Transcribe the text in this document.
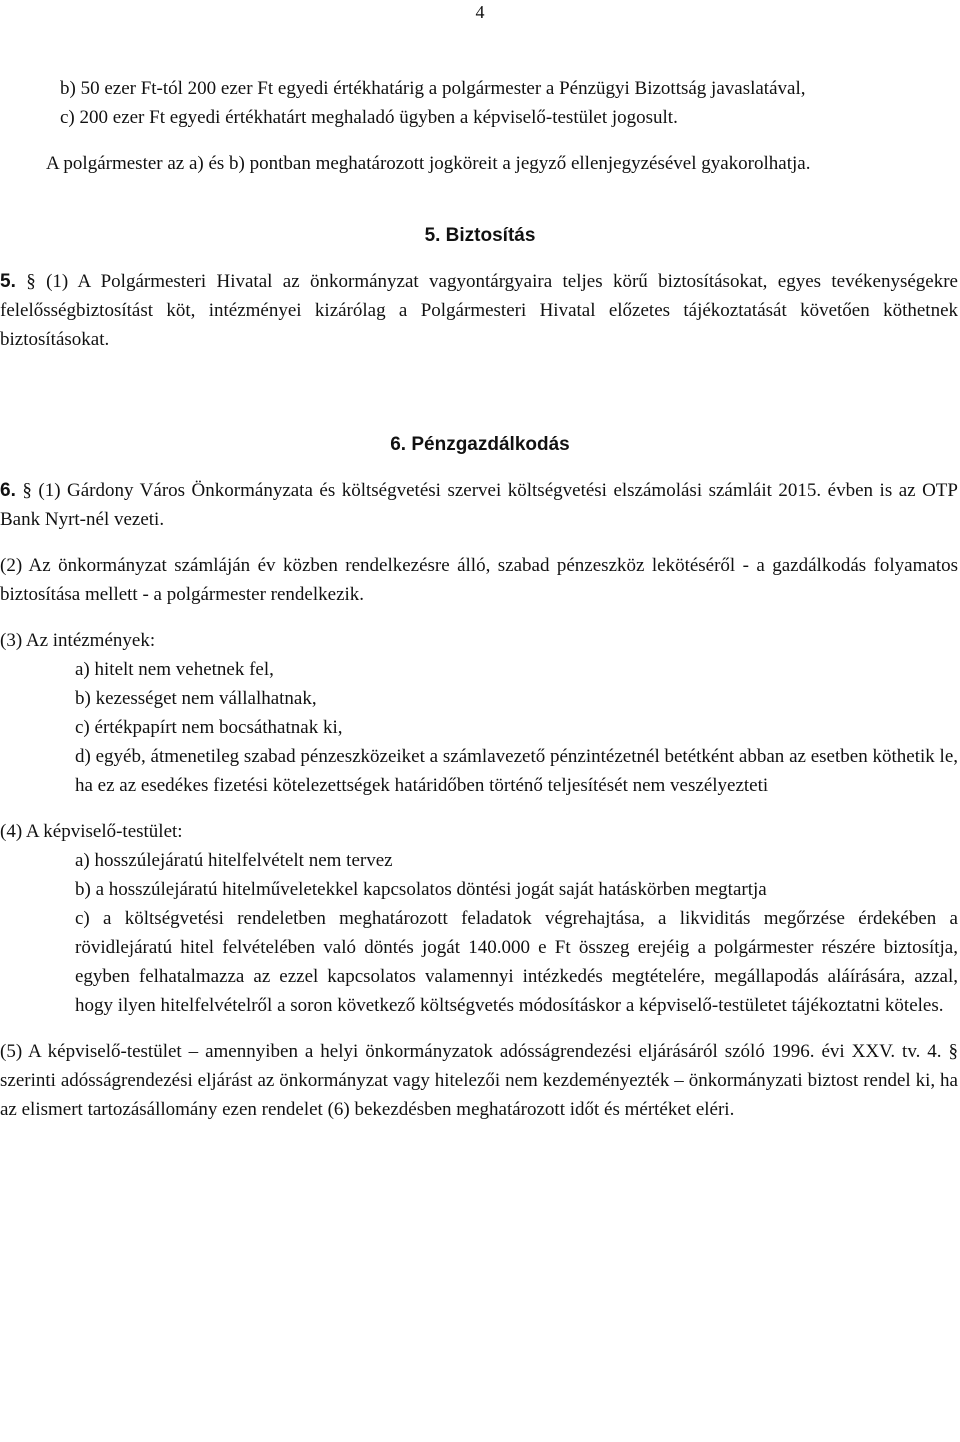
4

b) 50 ezer Ft-tól 200 ezer Ft egyedi értékhatárig a polgármester a Pénzügyi Bizottság javaslatával,

c) 200 ezer Ft egyedi értékhatárt meghaladó ügyben a képviselő-testület jogosult.

A polgármester az a) és b) pontban meghatározott jogköreit a jegyző ellenjegyzésével gyakorolhatja.

5. Biztosítás

5. § (1) A Polgármesteri Hivatal az önkormányzat vagyontárgyaira teljes körű biztosításokat, egyes tevékenységekre felelősségbiztosítást köt, intézményei kizárólag a Polgármesteri Hivatal előzetes tájékoztatását követően köthetnek biztosításokat.

6. Pénzgazdálkodás

6. § (1) Gárdony Város Önkormányzata és költségvetési szervei költségvetési elszámolási számláit 2015. évben is az OTP Bank Nyrt-nél vezeti.

(2) Az önkormányzat számláján év közben rendelkezésre álló, szabad pénzeszköz lekötéséről - a gazdálkodás folyamatos biztosítása mellett - a polgármester rendelkezik.

(3) Az intézmények:

a) hitelt nem vehetnek fel,

b) kezességet nem vállalhatnak,

c) értékpapírt nem bocsáthatnak ki,

d) egyéb, átmenetileg szabad pénzeszközeiket a számlavezető pénzintézetnél betétként abban az esetben köthetik le, ha ez az esedékes fizetési kötelezettségek határidőben történő teljesítését nem veszélyezteti

(4) A képviselő-testület:

a) hosszúlejáratú hitelfelvételt nem tervez

b) a hosszúlejáratú hitelműveletekkel kapcsolatos döntési jogát saját hatáskörben megtartja

c) a költségvetési rendeletben meghatározott feladatok végrehajtása, a likviditás megőrzése érdekében a rövidlejáratú hitel felvételében való döntés jogát 140.000 e Ft összeg erejéig a polgármester részére biztosítja, egyben felhatalmazza az ezzel kapcsolatos valamennyi intézkedés megtételére, megállapodás aláírására, azzal, hogy ilyen hitelfelvételről a soron következő költségvetés módosításkor a képviselő-testületet tájékoztatni köteles.

(5) A képviselő-testület – amennyiben a helyi önkormányzatok adósságrendezési eljárásáról szóló 1996. évi XXV. tv. 4. § szerinti adósságrendezési eljárást az önkormányzat vagy hitelezői nem kezdeményezték – önkormányzati biztost rendel ki, ha az elismert tartozásállomány ezen rendelet (6) bekezdésben meghatározott időt és mértéket eléri.
